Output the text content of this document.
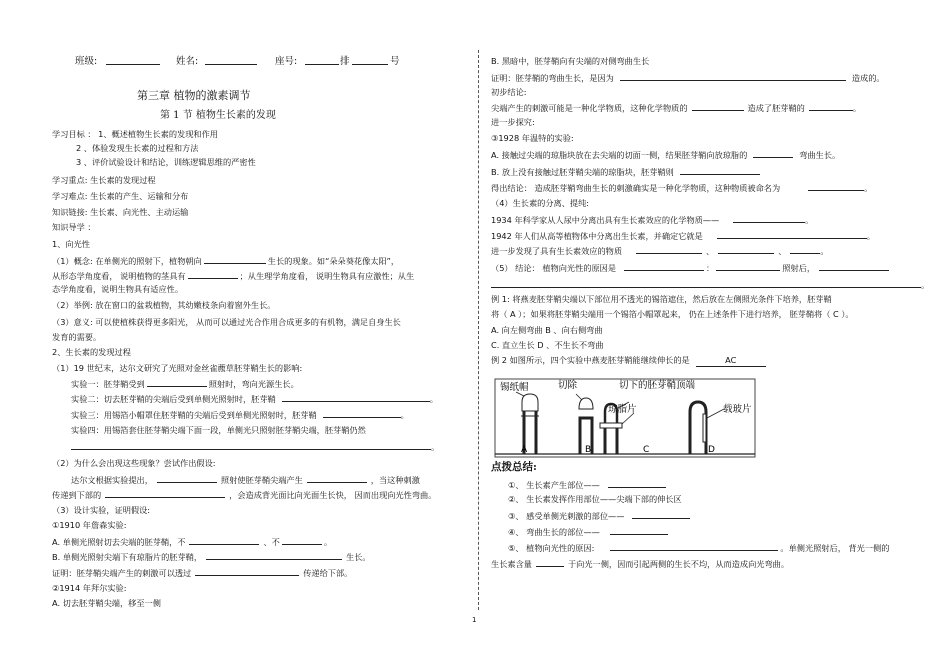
班级:	姓名:	座号:	排	号
第三章 植物的激素调节
第 1 节 植物生长素的发现
学习目标 ： 1、概述植物生长素的发现和作用
2 、体验发现生长素的过程和方法
3 、评价试验设计和结论，训练逻辑思维的严密性
学习重点: 生长素的发现过程
学习难点: 生长素的产生、运输和分布
知识链接: 生长素、向光性、主动运输
知识导学 ：
1、向光性
（1）概念: 在单侧光的照射下，植物朝向	生长的现象。如“朵朵葵花像太阳”，
从形态学角度看， 说明植物的茎具有	；从生理学角度看， 说明生物具有应激性；从生
态学角度看，说明生物具有适应性。
（2）举例: 放在窗口的盆栽植物，其幼嫩枝条向着窗外生长。
（3）意义: 可以使植株获得更多阳光， 从而可以通过光合作用合成更多的有机物，满足自身生长
发育的需要。
2、生长素的发现过程
（1）19 世纪末，达尔文研究了光照对金丝雀藨草胚芽鞘生长的影响:
实验一：胚芽鞘受到	照射时，弯向光源生长。
实验二：切去胚芽鞘的尖端后受到单侧光照射时，胚芽鞘	。
实验三：用锡箔小帽罩住胚芽鞘的尖端后受到单侧光照射时，胚芽鞘	。
实验四：用锡箔套住胚芽鞘尖端下面一段，单侧光只照射胚芽鞘尖端，胚芽鞘仍然
。
（2）为什么会出现这些现象？尝试作出假设:
达尔文根据实验提出，	照射使胚芽鞘尖端产生	，当这种刺激
传递到下部的	，会造成背光面比向光面生长快， 因而出现向光性弯曲。
（3）设计实验，证明假设:
①1910 年詹森实验:
A. 单侧光照射切去尖端的胚芽鞘，不	、不	。
B. 单侧光照射尖端下有琼脂片的胚芽鞘，	生长。
证明：胚芽鞘尖端产生的刺激可以透过	传递给下部。
②1914 年拜尔实验:
A. 切去胚芽鞘尖端，移至一侧
B. 黑暗中，胚芽鞘向有尖端的对侧弯曲生长
证明：胚芽鞘的弯曲生长，是因为	造成的。
初步结论:
尖端产生的刺激可能是一种化学物质，这种化学物质的	造成了胚芽鞘的	。
进一步探究:
③1928 年温特的实验:
A. 接触过尖端的琼脂块放在去尖端的切面一侧，结果胚芽鞘向放琼脂的	弯曲生长。
B. 放上没有接触过胚芽鞘尖端的琼脂块，胚芽鞘则
得出结论： 造成胚芽鞘弯曲生长的刺激确实是一种化学物质，这种物质被命名为	。
（4）生长素的分离、提纯:
1934 年科学家从人尿中分离出具有生长素效应的化学物质——	。
1942 年人们从高等植物体中分离出生长素，并确定它就是	。
进一步发现了具有生长素效应的物质	、	、	。
（5） 结论： 植物向光性的原因是	：	照射后，
。
例 1: 将燕麦胚芽鞘尖端以下部位用不透光的锡箔遮住，然后放在左侧照光条件下培养，胚芽鞘
将（ A ）；如果将胚芽鞘尖端用一个锡箔小帽罩起来， 仍在上述条件下进行培养， 胚芽鞘将（ C ）。
A. 向左侧弯曲 B 、向右侧弯曲
C. 直立生长 D 、不生长不弯曲
例 2 如图所示，四个实验中燕麦胚芽鞘能继续伸长的是	AC
锡纸帽	切除	切下的胚芽鞘顶端
琼脂片	载玻片
A	B	C	D
点拨总结:
①、 生长素产生部位——
②、 生长素发挥作用部位——尖端下部的伸长区
③、 感受单侧光刺激的部位——
④、 弯曲生长的部位——
⑤、 植物向光性的原因:	。单侧光照射后， 背光一侧的
生长素含量	于向光一侧，因而引起两侧的生长不均，从而造成向光弯曲。
1
